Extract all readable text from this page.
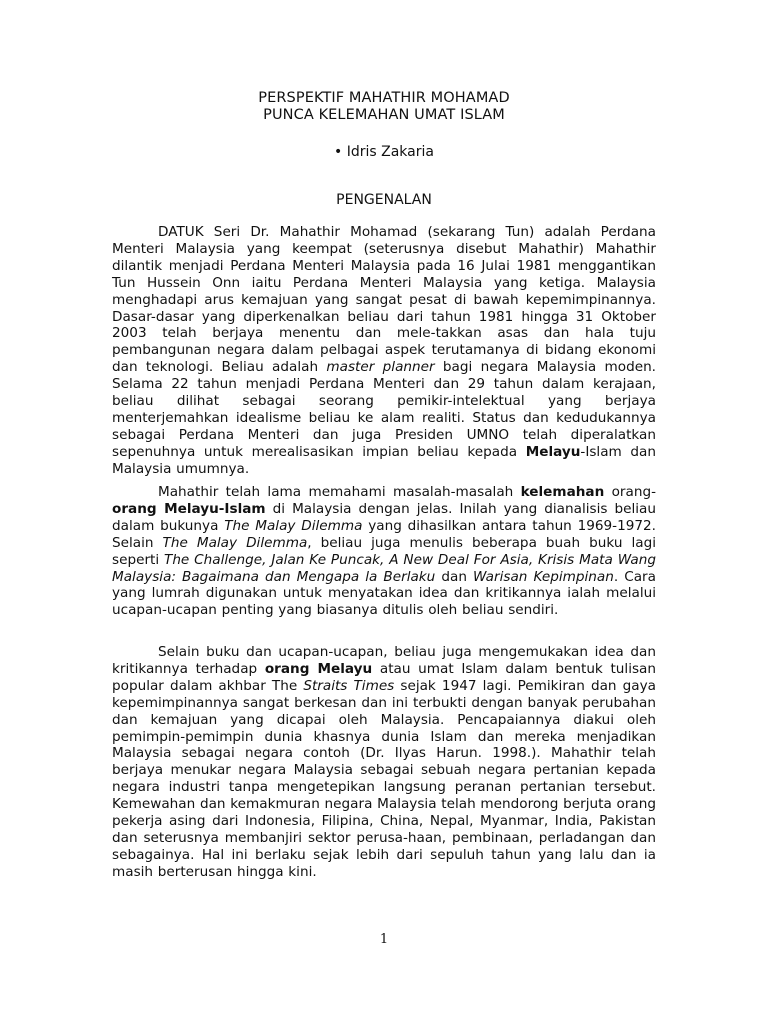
PERSPEKTIF MAHATHIR MOHAMAD
PUNCA KELEMAHAN UMAT ISLAM
• Idris Zakaria
PENGENALAN

DATUK Seri Dr. Mahathir Mohamad (sekarang Tun) adalah Perdana Menteri Malaysia yang keempat (seterusnya disebut Mahathir) Mahathir dilantik menjadi Perdana Menteri Malaysia pada 16 Julai 1981 menggantikan Tun Hussein Onn iaitu Perdana Menteri Malaysia yang ketiga. Malaysia menghadapi arus kemajuan yang sangat pesat di bawah kepemimpinannya. Dasar-dasar yang diperkenalkan beliau dari tahun 1981 hingga 31 Oktober 2003 telah berjaya menentu dan mele-takkan asas dan hala tuju pembangunan negara dalam pelbagai aspek terutamanya di bidang ekonomi dan teknologi. Beliau adalah master planner bagi negara Malaysia moden. Selama 22 tahun menjadi Perdana Menteri dan 29 tahun dalam kerajaan, beliau dilihat sebagai seorang pemikir-intelektual yang berjaya menterjemahkan idealisme beliau ke alam realiti. Status dan kedudukannya sebagai Perdana Menteri dan juga Presiden UMNO telah diperalatkan sepenuhnya untuk merealisasikan impian beliau kepada Melayu-Islam dan Malaysia umumnya.

Mahathir telah lama memahami masalah-masalah kelemahan orang-orang Melayu-Islam di Malaysia dengan jelas. Inilah yang dianalisis beliau dalam bukunya The Malay Dilemma yang dihasilkan antara tahun 1969-1972. Selain The Malay Dilemma, beliau juga menulis beberapa buah buku lagi seperti The Challenge, Jalan Ke Puncak, A New Deal For Asia, Krisis Mata Wang Malaysia: Bagaimana dan Mengapa la Berlaku dan Warisan Kepimpinan. Cara yang lumrah digunakan untuk menyatakan idea dan kritikannya ialah melalui ucapan-ucapan penting yang biasanya ditulis oleh beliau sendiri.

Selain buku dan ucapan-ucapan, beliau juga mengemukakan idea dan kritikannya terhadap orang Melayu atau umat Islam dalam bentuk tulisan popular dalam akhbar The Straits Times sejak 1947 lagi. Pemikiran dan gaya kepemimpinannya sangat berkesan dan ini terbukti dengan banyak perubahan dan kemajuan yang dicapai oleh Malaysia. Pencapaiannya diakui oleh pemimpin-pemimpin dunia khasnya dunia Islam dan mereka menjadikan Malaysia sebagai negara contoh (Dr. Ilyas Harun. 1998.). Mahathir telah berjaya menukar negara Malaysia sebagai sebuah negara pertanian kepada negara industri tanpa mengetepikan langsung peranan pertanian tersebut. Kemewahan dan kemakmuran negara Malaysia telah mendorong berjuta orang pekerja asing dari Indonesia, Filipina, China, Nepal, Myanmar, India, Pakistan dan seterusnya membanjiri sektor perusa-haan, pembinaan, perladangan dan sebagainya. Hal ini berlaku sejak lebih dari sepuluh tahun yang lalu dan ia masih berterusan hingga kini.

1
